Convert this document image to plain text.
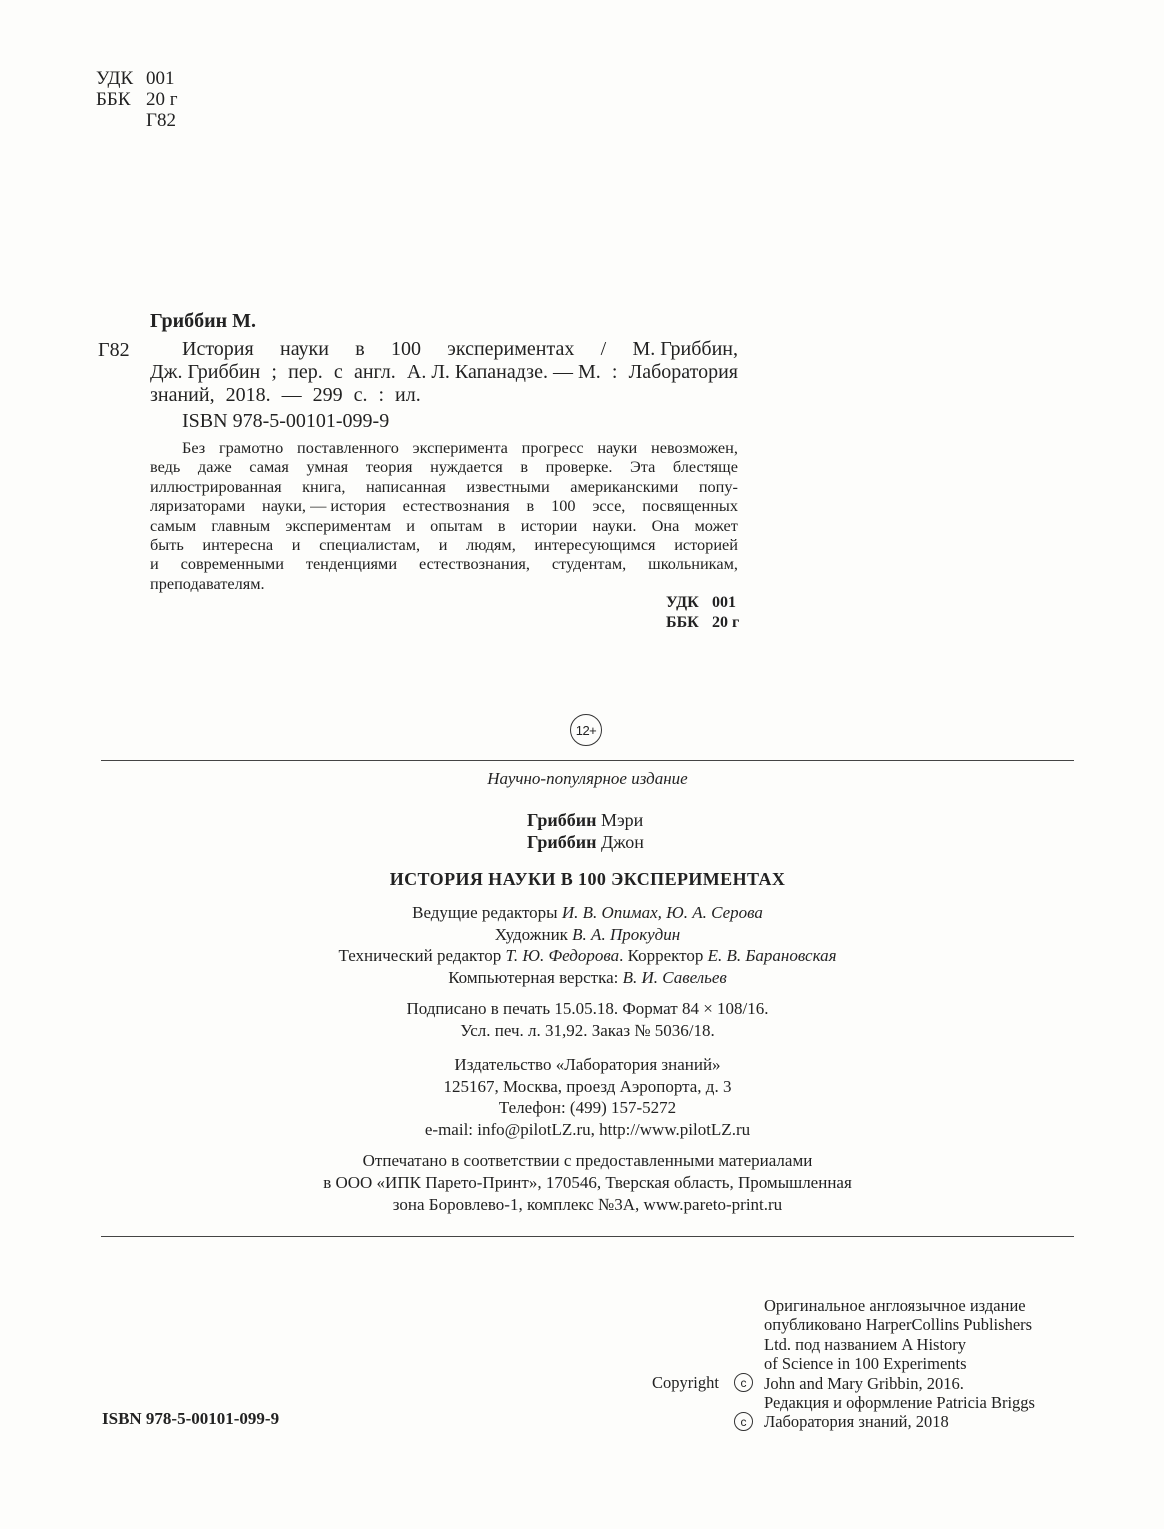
УДК 001
ББК 20 г
Г82
Гриббин М.
Г82	История науки в 100 экспериментах / М. Гриббин,
Дж. Гриббин ; пер. с англ. А. Л. Капанадзе. — М. : Лаборатория
знаний, 2018. — 299 с. : ил.
ISBN 978-5-00101-099-9
Без грамотно поставленного эксперимента прогресс науки невозможен,
ведь даже самая умная теория нуждается в проверке. Эта блестяще
иллюстрированная книга, написанная известными американскими попу-
ляризаторами науки, — история естествознания в 100 эссе, посвященных
самым главным экспериментам и опытам в истории науки. Она может
быть интересна и специалистам, и людям, интересующимся историей
и современными тенденциями естествознания, студентам, школьникам,
преподавателям.
УДК 001
ББК 20 г
12+
Научно-популярное издание
Гриббин Мэри
Гриббин Джон
ИСТОРИЯ НАУКИ В 100 ЭКСПЕРИМЕНТАХ
Ведущие редакторы И. В. Опимах, Ю. А. Серова
Художник В. А. Прокудин
Технический редактор Т. Ю. Федорова. Корректор Е. В. Барановская
Компьютерная верстка: В. И. Савельев
Подписано в печать 15.05.18. Формат 84 × 108/16.
Усл. печ. л. 31,92. Заказ № 5036/18.
Издательство «Лаборатория знаний»
125167, Москва, проезд Аэропорта, д. 3
Телефон: (499) 157-5272
e-mail: info@pilotLZ.ru, http://www.pilotLZ.ru
Отпечатано в соответствии с предоставленными материалами
в ООО «ИПК Парето-Принт», 170546, Тверская область, Промышленная
зона Боровлево-1, комплекс №3А, www.pareto-print.ru
ISBN 978-5-00101-099-9
Оригинальное англоязычное издание
опубликовано HarperCollins Publishers
Ltd. под названием A History
of Science in 100 Experiments
John and Mary Gribbin, 2016.
Редакция и оформление Patricia Briggs
Лаборатория знаний, 2018
Copyright	c
c
